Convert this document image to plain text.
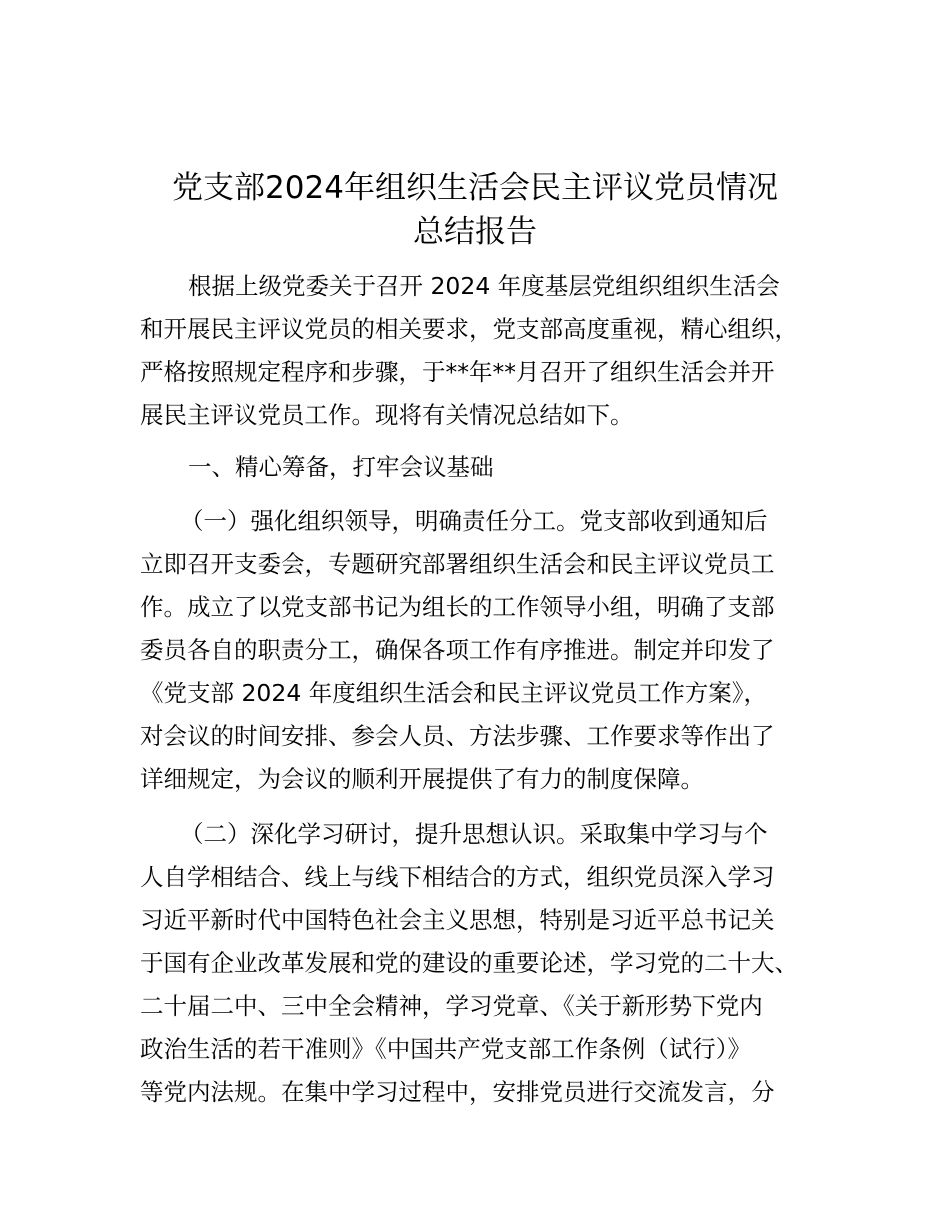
党支部2024年组织生活会民主评议党员情况
总结报告

根据上级党委关于召开 2024 年度基层党组织组织生活会

和开展民主评议党员的相关要求，党支部高度重视，精心组织，

严格按照规定程序和步骤，于**年**月召开了组织生活会并开

展民主评议党员工作。现将有关情况总结如下。

一、精心筹备，打牢会议基础

（一）强化组织领导，明确责任分工。党支部收到通知后

立即召开支委会，专题研究部署组织生活会和民主评议党员工

作。成立了以党支部书记为组长的工作领导小组，明确了支部

委员各自的职责分工，确保各项工作有序推进。制定并印发了

《党支部 2024 年度组织生活会和民主评议党员工作方案》，

对会议的时间安排、参会人员、方法步骤、工作要求等作出了

详细规定，为会议的顺利开展提供了有力的制度保障。

（二）深化学习研讨，提升思想认识。采取集中学习与个

人自学相结合、线上与线下相结合的方式，组织党员深入学习

习近平新时代中国特色社会主义思想，特别是习近平总书记关

于国有企业改革发展和党的建设的重要论述，学习党的二十大、

二十届二中、三中全会精神，学习党章、《关于新形势下党内

政治生活的若干准则》《中国共产党支部工作条例（试行）》

等党内法规。在集中学习过程中，安排党员进行交流发言，分
